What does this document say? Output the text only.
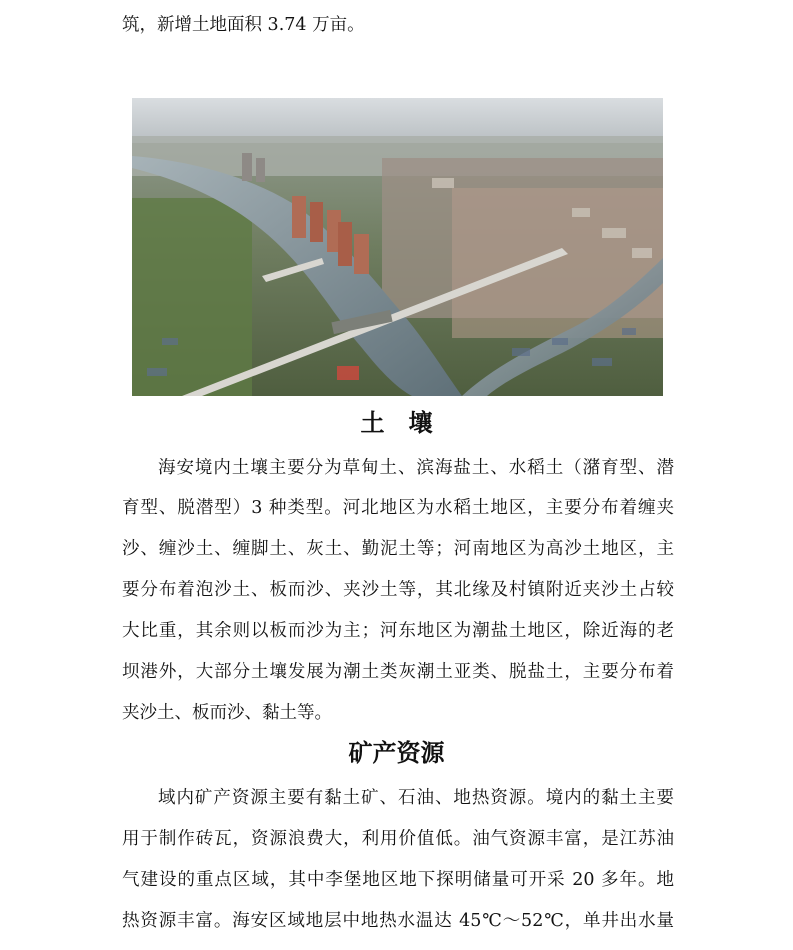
筑，新增土地面积 3.74 万亩。
土　壤
海安境内土壤主要分为草甸土、滨海盐土、水稻土（潴育型、潜
育型、脱潜型）3 种类型。河北地区为水稻土地区，主要分布着缠夹
沙、缠沙土、缠脚土、灰土、勤泥土等；河南地区为高沙土地区，主
要分布着泡沙土、板而沙、夹沙土等，其北缘及村镇附近夹沙土占较
大比重，其余则以板而沙为主；河东地区为潮盐土地区，除近海的老
坝港外，大部分土壤发展为潮土类灰潮土亚类、脱盐土，主要分布着
夹沙土、板而沙、黏土等。
矿产资源
域内矿产资源主要有黏土矿、石油、地热资源。境内的黏土主要
用于制作砖瓦，资源浪费大，利用价值低。油气资源丰富，是江苏油
气建设的重点区域，其中李堡地区地下探明储量可开采 20 多年。地
热资源丰富。海安区域地层中地热水温达 45℃～52℃，单井出水量
